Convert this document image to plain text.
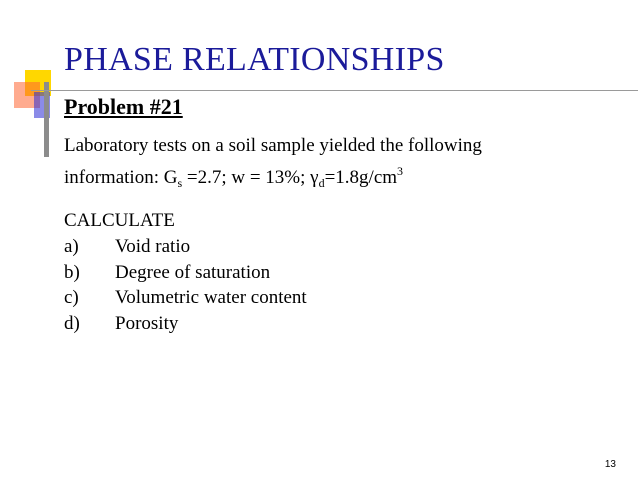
PHASE RELATIONSHIPS
Problem #21
Laboratory tests on a soil sample yielded the following
information: $G_s =2.7$; w = 13%; $\gamma_d=1.8g/cm^3$
CALCULATE
a) Void ratio
b) Degree of saturation
c) Volumetric water content
d) Porosity
13
